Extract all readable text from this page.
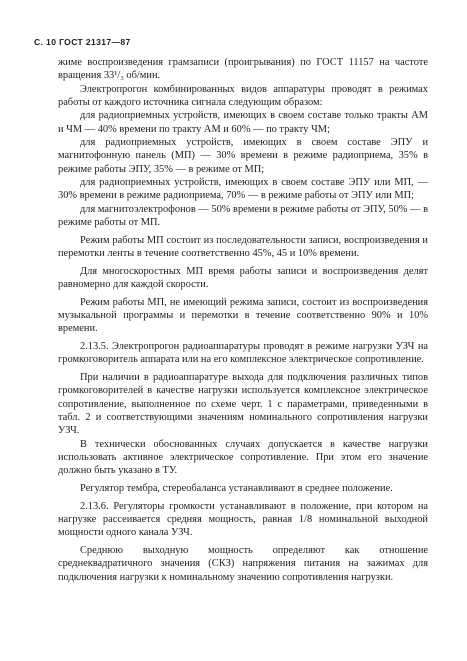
С. 10 ГОСТ 21317—87

жиме воспроизведения грамзаписи (проигрывания) по ГОСТ 11157 на частоте вращения 33¹/₃ об/мин.

Электропрогон комбинированных видов аппаратуры проводят в режимах работы от каждого источника сигнала следующим образом:

для радиоприемных устройств, имеющих в своем составе только тракты АМ и ЧМ — 40% времени по тракту АМ и 60% — по тракту ЧМ;

для радиоприемных устройств, имеющих в своем составе ЭПУ и магнитофонную панель (МП) — 30% времени в режиме радиоприема, 35% в режиме работы ЭПУ, 35% — в режиме от МП;

для радиоприемных устройств, имеющих в своем составе ЭПУ или МП, — 30% времени в режиме радиоприема, 70% — в режиме работы от ЭПУ или МП;

для магнитоэлектрофонов — 50% времени в режиме работы от ЭПУ, 50% — в режиме работы от МП.

Режим работы МП состоит из последовательности записи, воспроизведения и перемотки ленты в течение соответственно 45%, 45 и 10% времени.

Для многоскоростных МП время работы записи и воспроизведения делят равномерно для каждой скорости.

Режим работы МП, не имеющий режима записи, состоит из воспроизведения музыкальной программы и перемотки в течение соответственно 90% и 10% времени.

2.13.5. Электропрогон радиоаппаратуры проводят в режиме нагрузки УЗЧ на громкоговоритель аппарата или на его комплексное электрическое сопротивление.

При наличии в радиоаппаратуре выхода для подключения различных типов громкоговорителей в качестве нагрузки используется комплексное электрическое сопротивление, выполненное по схеме черт. 1 с параметрами, приведенными в табл. 2 и соответствующими значениям номинального сопротивления нагрузки УЗЧ.

В технически обоснованных случаях допускается в качестве нагрузки использовать активное электрическое сопротивление. При этом его значение должно быть указано в ТУ.

Регулятор тембра, стереобаланса устанавливают в среднее положение.

2.13.6. Регуляторы громкости устанавливают в положение, при котором на нагрузке рассеивается средняя мощность, равная 1/8 номинальной выходной мощности одного канала УЗЧ.

Среднюю выходную мощность определяют как отношение среднеквадратичного значения (СКЗ) напряжения питания на зажимах для подключения нагрузки к номинальному значению сопротивления нагрузки.
